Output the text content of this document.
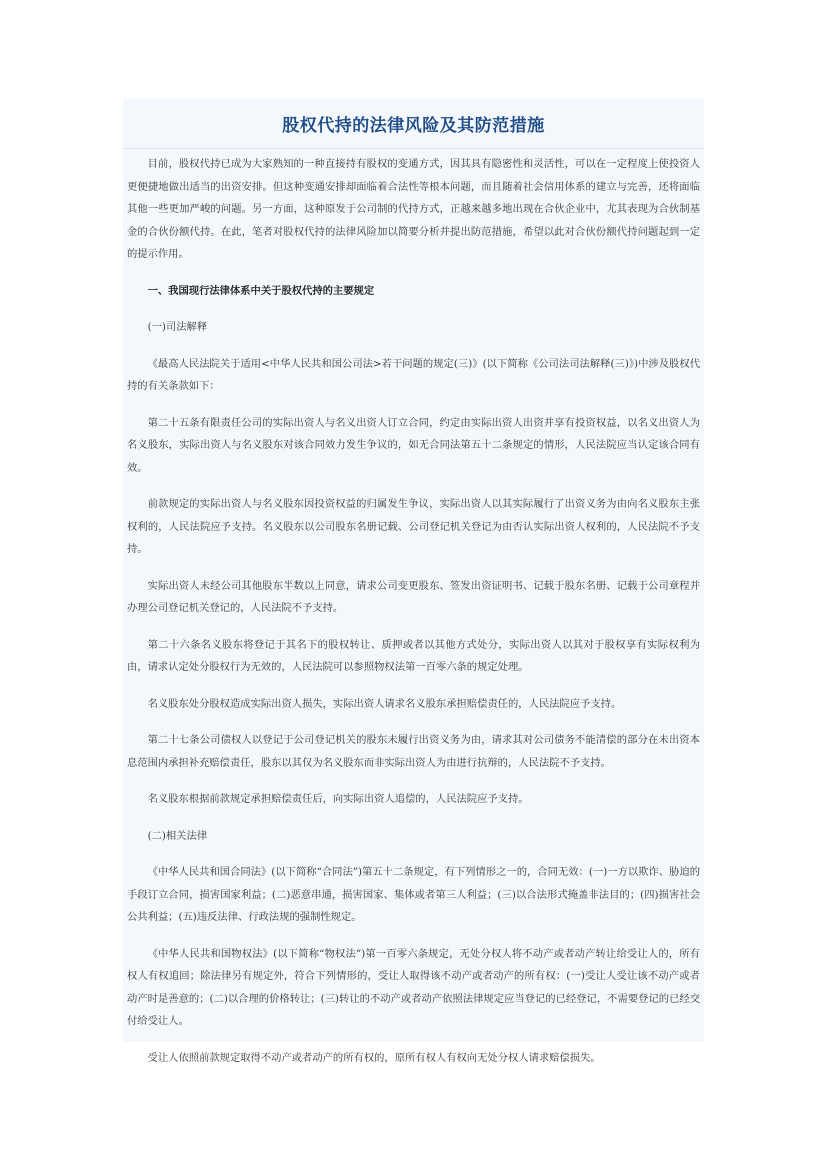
股权代持的法律风险及其防范措施

目前，股权代持已成为大家熟知的一种直接持有股权的变通方式，因其具有隐密性和灵活性，可以在一定程度上使投资人更便捷地做出适当的出资安排。但这种变通安排却面临着合法性等根本问题，而且随着社会信用体系的建立与完善，还将面临其他一些更加严峻的问题。另一方面，这种原发于公司制的代持方式，正越来越多地出现在合伙企业中，尤其表现为合伙制基金的合伙份额代持。在此，笔者对股权代持的法律风险加以简要分析并提出防范措施，希望以此对合伙份额代持问题起到一定的提示作用。

一、我国现行法律体系中关于股权代持的主要规定

(一)司法解释

《最高人民法院关于适用<中华人民共和国公司法>若干问题的规定(三)》(以下简称《公司法司法解释(三)》)中涉及股权代持的有关条款如下：

第二十五条有限责任公司的实际出资人与名义出资人订立合同，约定由实际出资人出资并享有投资权益，以名义出资人为名义股东，实际出资人与名义股东对该合同效力发生争议的，如无合同法第五十二条规定的情形，人民法院应当认定该合同有效。

前款规定的实际出资人与名义股东因投资权益的归属发生争议，实际出资人以其实际履行了出资义务为由向名义股东主张权利的，人民法院应予支持。名义股东以公司股东名册记载、公司登记机关登记为由否认实际出资人权利的，人民法院不予支持。

实际出资人未经公司其他股东半数以上同意，请求公司变更股东、签发出资证明书、记载于股东名册、记载于公司章程并办理公司登记机关登记的，人民法院不予支持。

第二十六条名义股东将登记于其名下的股权转让、质押或者以其他方式处分，实际出资人以其对于股权享有实际权利为由，请求认定处分股权行为无效的，人民法院可以参照物权法第一百零六条的规定处理。

名义股东处分股权造成实际出资人损失，实际出资人请求名义股东承担赔偿责任的，人民法院应予支持。

第二十七条公司债权人以登记于公司登记机关的股东未履行出资义务为由，请求其对公司债务不能清偿的部分在未出资本息范围内承担补充赔偿责任，股东以其仅为名义股东而非实际出资人为由进行抗辩的，人民法院不予支持。

名义股东根据前款规定承担赔偿责任后，向实际出资人追偿的，人民法院应予支持。

(二)相关法律

《中华人民共和国合同法》(以下简称“合同法”)第五十二条规定，有下列情形之一的，合同无效：(一)一方以欺诈、胁迫的手段订立合同，损害国家利益；(二)恶意串通，损害国家、集体或者第三人利益；(三)以合法形式掩盖非法目的；(四)损害社会公共利益；(五)违反法律、行政法规的强制性规定。

《中华人民共和国物权法》(以下简称“物权法”)第一百零六条规定，无处分权人将不动产或者动产转让给受让人的，所有权人有权追回；除法律另有规定外，符合下列情形的，受让人取得该不动产或者动产的所有权：(一)受让人受让该不动产或者动产时是善意的；(二)以合理的价格转让；(三)转让的不动产或者动产依照法律规定应当登记的已经登记，不需要登记的已经交付给受让人。

受让人依照前款规定取得不动产或者动产的所有权的，原所有权人有权向无处分权人请求赔偿损失。
